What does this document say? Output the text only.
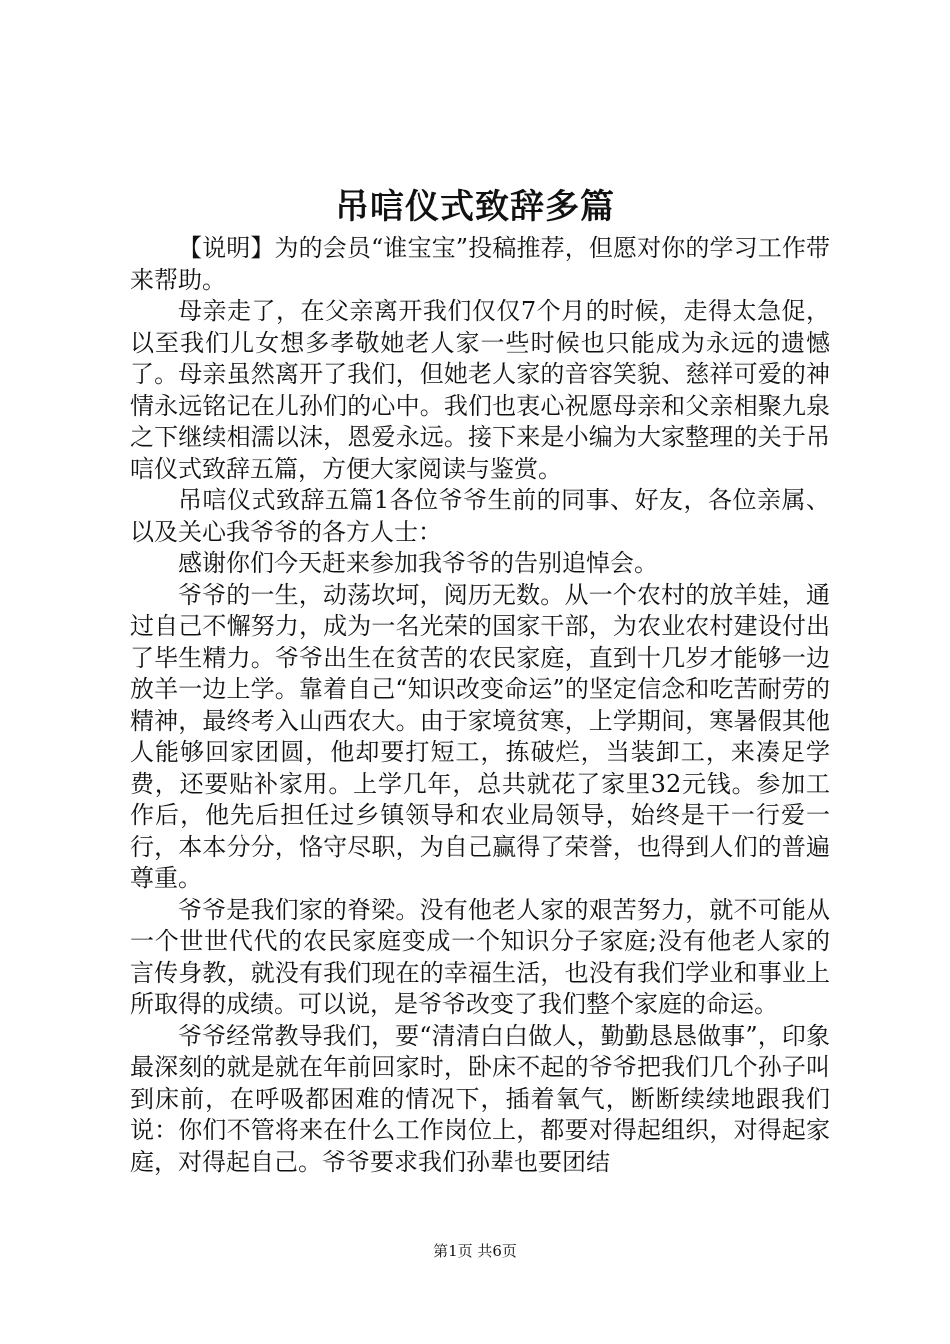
吊唁仪式致辞多篇

【说明】为的会员“谁宝宝”投稿推荐，但愿对你的学习工作带来帮助。

母亲走了，在父亲离开我们仅仅7个月的时候，走得太急促，以至我们儿女想多孝敬她老人家一些时候也只能成为永远的遗憾了。母亲虽然离开了我们，但她老人家的音容笑貌、慈祥可爱的神情永远铭记在儿孙们的心中。我们也衷心祝愿母亲和父亲相聚九泉之下继续相濡以沫，恩爱永远。接下来是小编为大家整理的关于吊唁仪式致辞五篇，方便大家阅读与鉴赏。

吊唁仪式致辞五篇1各位爷爷生前的同事、好友，各位亲属、以及关心我爷爷的各方人士：

感谢你们今天赶来参加我爷爷的告别追悼会。

爷爷的一生，动荡坎坷，阅历无数。从一个农村的放羊娃，通过自己不懈努力，成为一名光荣的国家干部，为农业农村建设付出了毕生精力。爷爷出生在贫苦的农民家庭，直到十几岁才能够一边放羊一边上学。靠着自己“知识改变命运”的坚定信念和吃苦耐劳的精神，最终考入山西农大。由于家境贫寒，上学期间，寒暑假其他人能够回家团圆，他却要打短工，拣破烂，当装卸工，来凑足学费，还要贴补家用。上学几年，总共就花了家里32元钱。参加工作后，他先后担任过乡镇领导和农业局领导，始终是干一行爱一行，本本分分，恪守尽职，为自己赢得了荣誉，也得到人们的普遍尊重。

爷爷是我们家的脊梁。没有他老人家的艰苦努力，就不可能从一个世世代代的农民家庭变成一个知识分子家庭;没有他老人家的言传身教，就没有我们现在的幸福生活，也没有我们学业和事业上所取得的成绩。可以说，是爷爷改变了我们整个家庭的命运。

爷爷经常教导我们，要“清清白白做人，勤勤恳恳做事”，印象最深刻的就是就在年前回家时，卧床不起的爷爷把我们几个孙子叫到床前，在呼吸都困难的情况下，插着氧气，断断续续地跟我们说：你们不管将来在什么工作岗位上，都要对得起组织，对得起家庭，对得起自己。爷爷要求我们孙辈也要团结

第1页 共6页
